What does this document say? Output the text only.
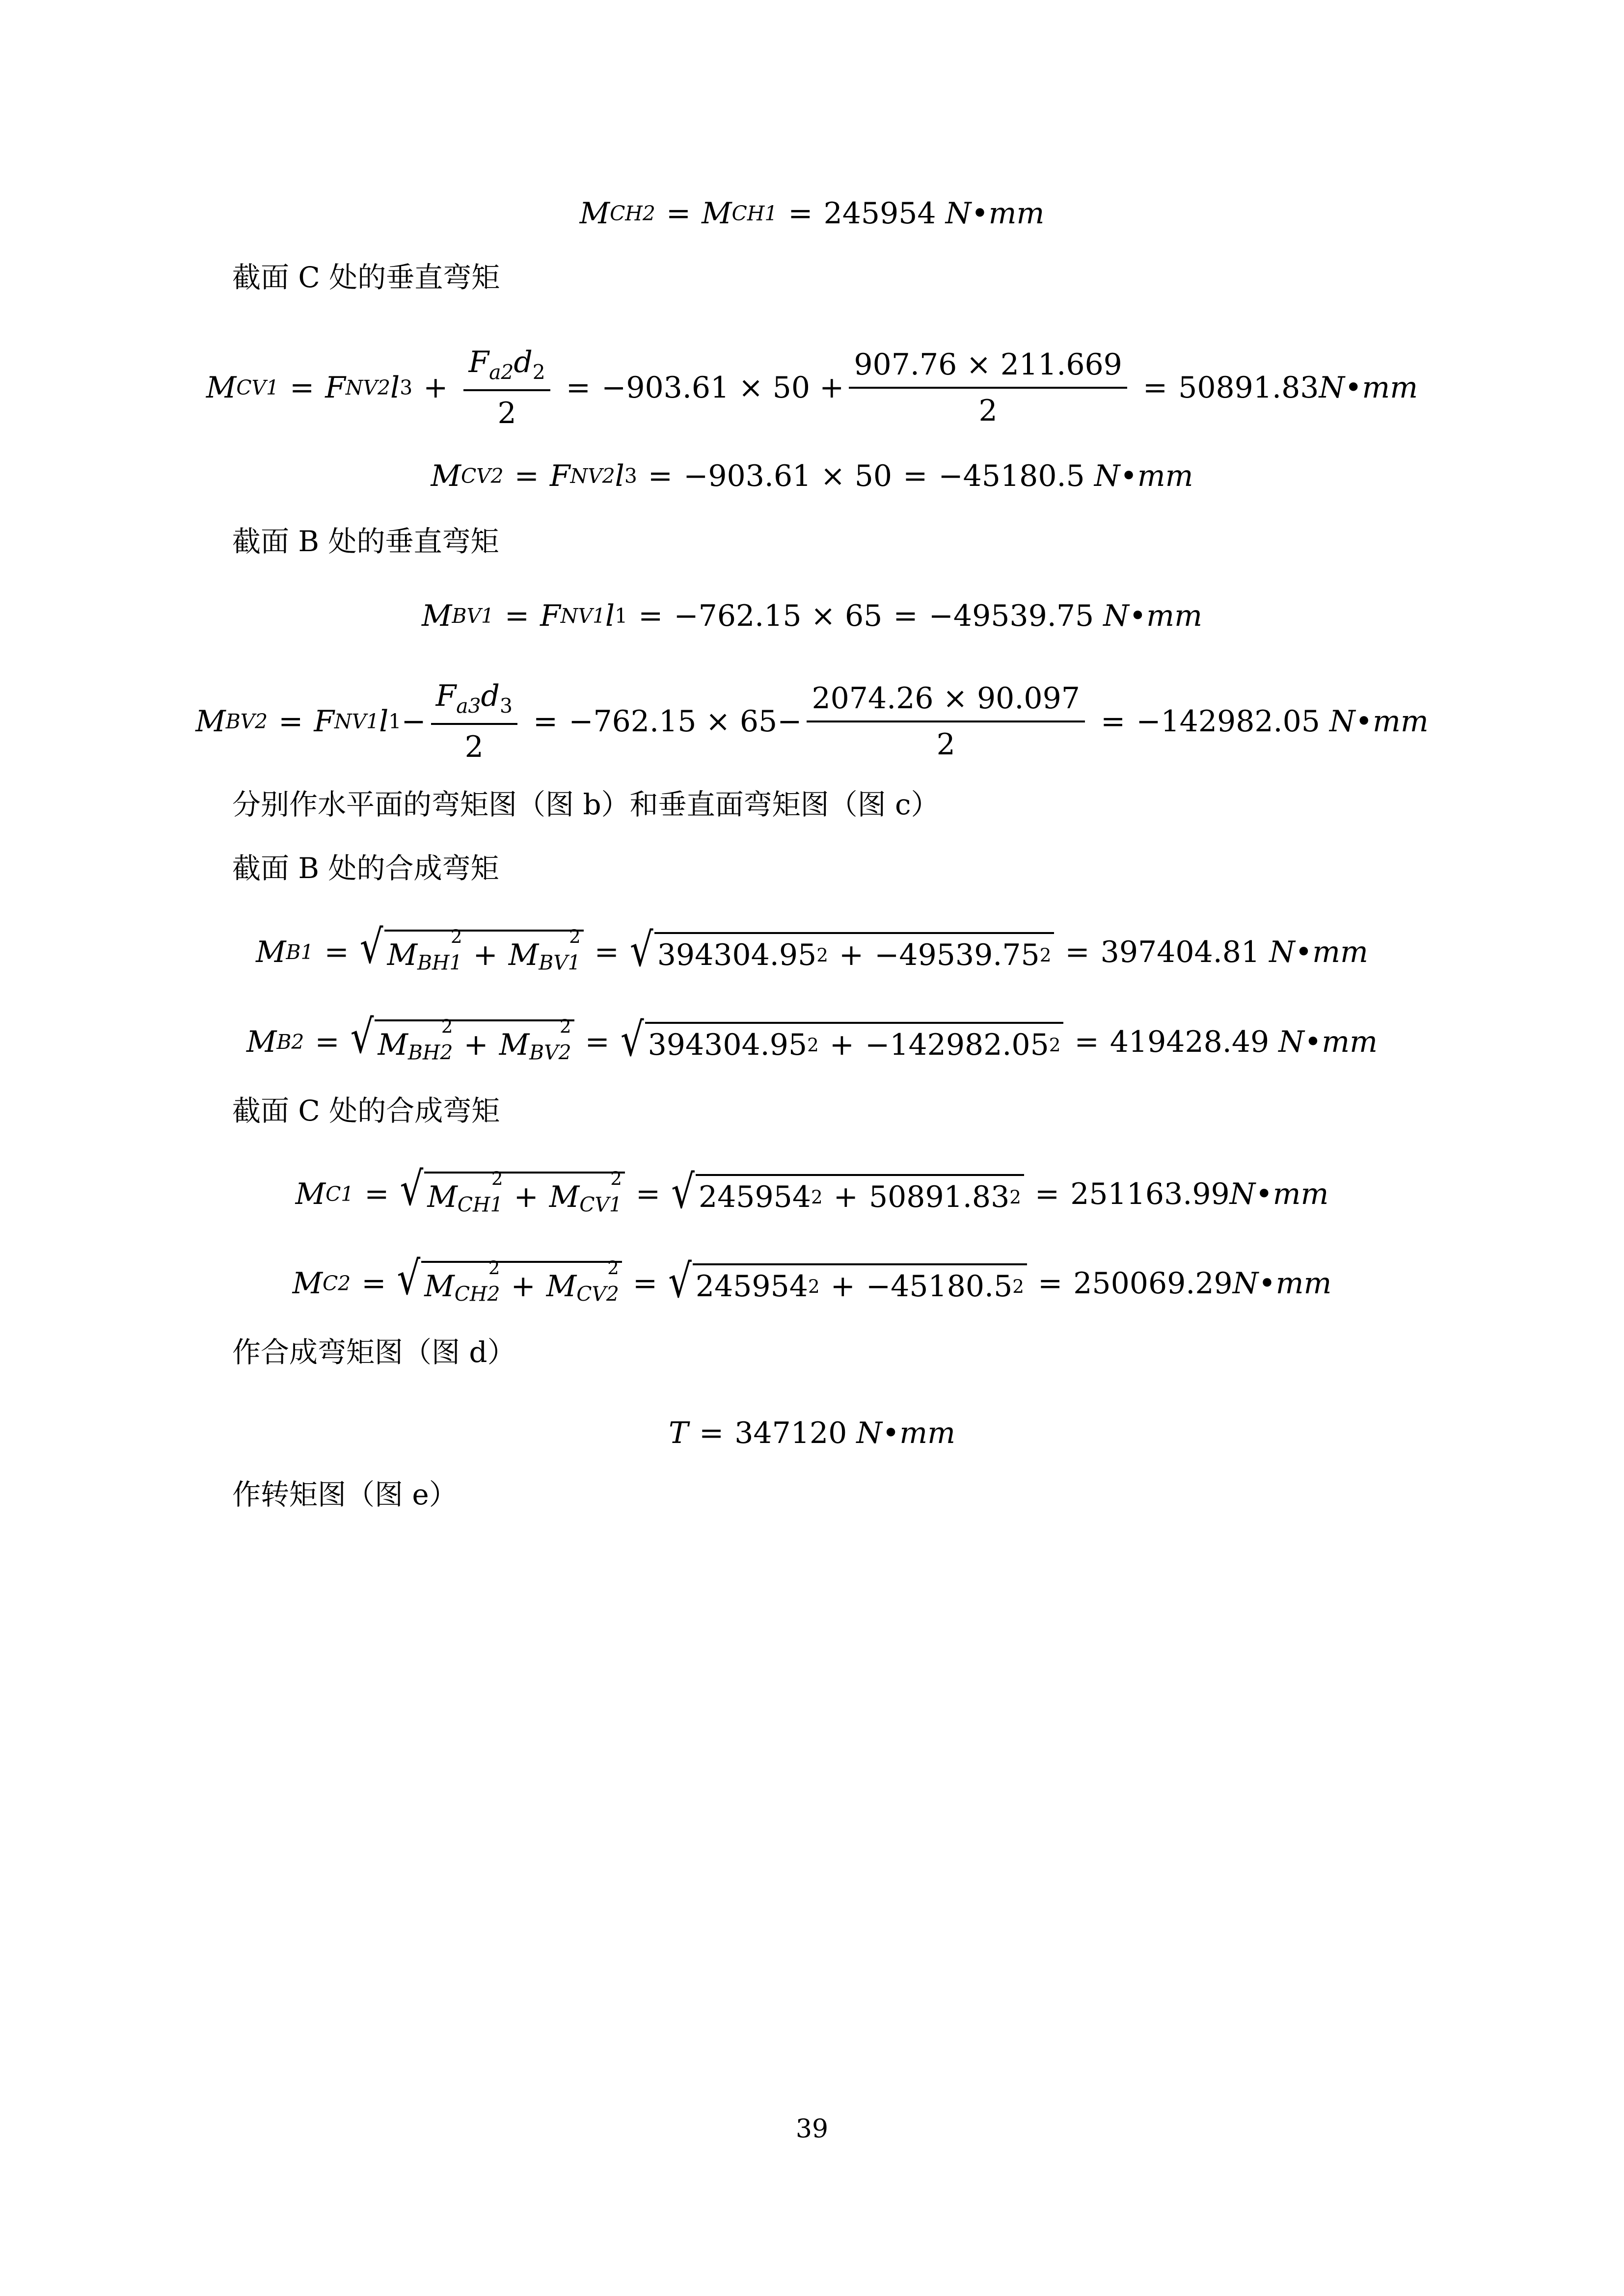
M CH2 = M CH1 = 245954
N•mm
截面 C 处的垂直弯矩
M CV1 = F NV2 l $3 + \frac{F_{a2}d_2}{2} = -903.61 \times 50 + \frac{907.76 \times 211.669}{2} = 50891.83$ N•mm
M CV2 = F NV2 l 3 = −903.61 × 50 = −45180.5
N•mm
截面 B 处的垂直弯矩
M BV1 = F NV1 l 1 = −762.15 × 65 = −49539.75
N•mm
M BV2 = F NV1 l $1 - \frac{F_{a3}d_3}{2} = -762.15 \times 65- \frac{2074.26 \times 90.097}{2} = -142982.05$
N•mm
分别作水平面的弯矩图（图 b）和垂直面弯矩图（图 c）
截面 B 处的合成弯矩
M B1 = √ M
2
$_{BH1}$ + M
2
$_{BV1}$ = √ 394304.95 2 + −49539.75 2 = 397404.81
N•mm
M B2 = √ M
2
$_{BH2}$ + M
2
$_{BV2}$ = √ 394304.95 2 + −142982.05 2 = 419428.49
N•mm
截面 C 处的合成弯矩
M C1 = √ M
2
$_{CH1}$ + M
2
$_{CV1}$ = √ 245954 2 + 50891.83 2 = 251163.99 N•mm
M C2 = √ M
2
$_{CH2}$ + M
2
$_{CV2}$ = √ 245954 2 + −45180.5 2 = 250069.29 N•mm
作合成弯矩图（图 d）
T = 347120
N•mm
作转矩图（图 e）
39
